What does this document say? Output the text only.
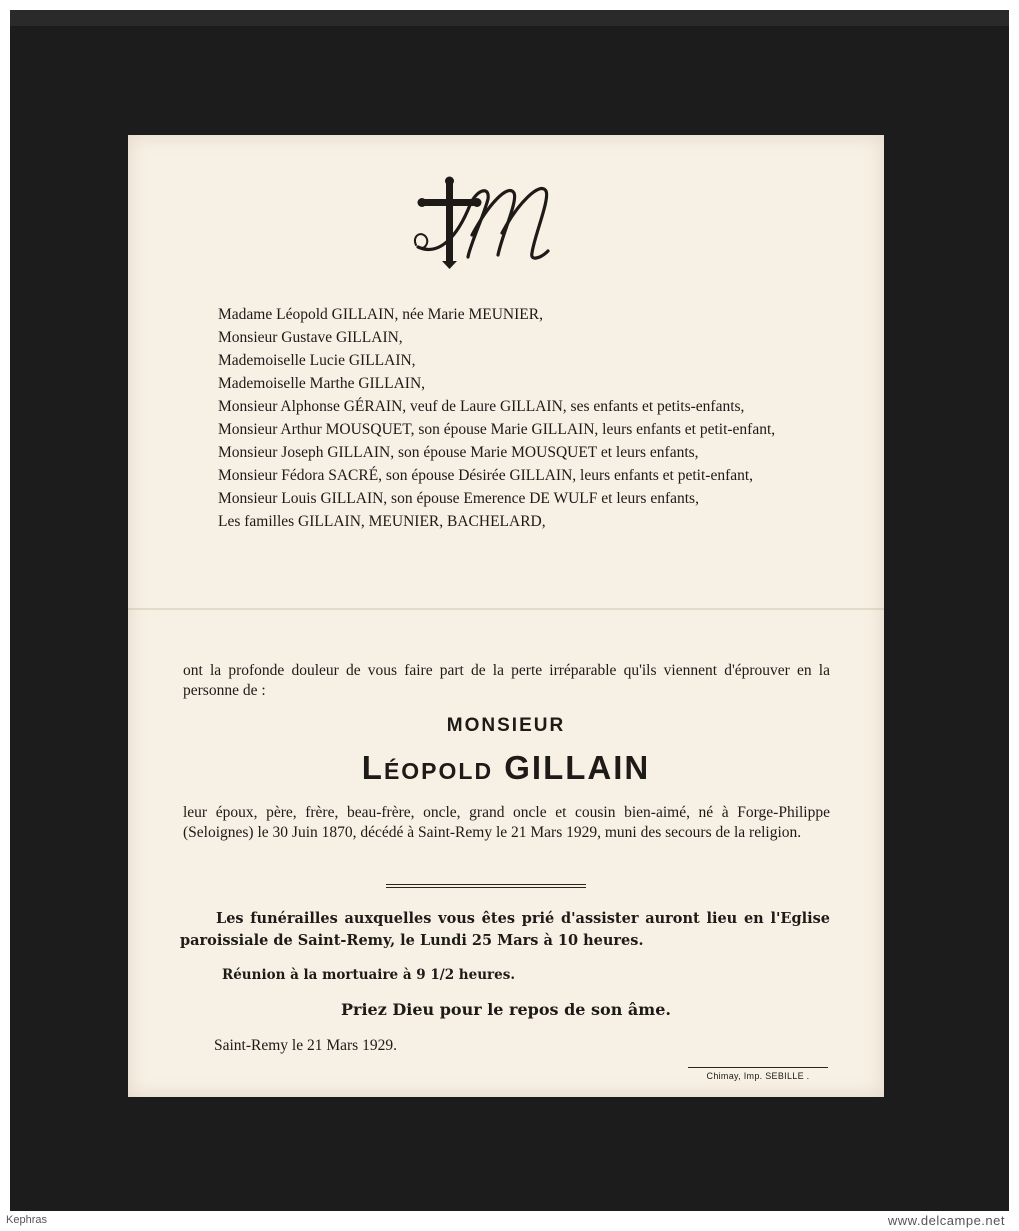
Madame Léopold GILLAIN, née Marie MEUNIER,
Monsieur Gustave GILLAIN,
Mademoiselle Lucie GILLAIN,
Mademoiselle Marthe GILLAIN,
Monsieur Alphonse GÉRAIN, veuf de Laure GILLAIN, ses enfants et petits-enfants,
Monsieur Arthur MOUSQUET, son épouse Marie GILLAIN, leurs enfants et petit-enfant,
Monsieur Joseph GILLAIN, son épouse Marie MOUSQUET et leurs enfants,
Monsieur Fédora SACRÉ, son épouse Désirée GILLAIN, leurs enfants et petit-enfant,
Monsieur Louis GILLAIN, son épouse Emerence DE WULF et leurs enfants,
Les familles GILLAIN, MEUNIER, BACHELARD,
ont la profonde douleur de vous faire part de la perte irréparable qu'ils viennent d'éprouver en la personne de :
MONSIEUR
Léopold GILLAIN
leur époux, père, frère, beau-frère, oncle, grand oncle et cousin bien-aimé, né à Forge-Philippe (Seloignes) le 30 Juin 1870, décédé à Saint-Remy le 21 Mars 1929, muni des secours de la religion.
Les funérailles auxquelles vous êtes prié d'assister auront lieu en l'Eglise paroissiale de Saint-Remy, le Lundi 25 Mars à 10 heures.
Réunion à la mortuaire à 9 1/2 heures.
Priez Dieu pour le repos de son âme.
Saint-Remy le 21 Mars 1929.
Chimay, Imp. SEBILLE .
Kephras	www.delcampe.net
